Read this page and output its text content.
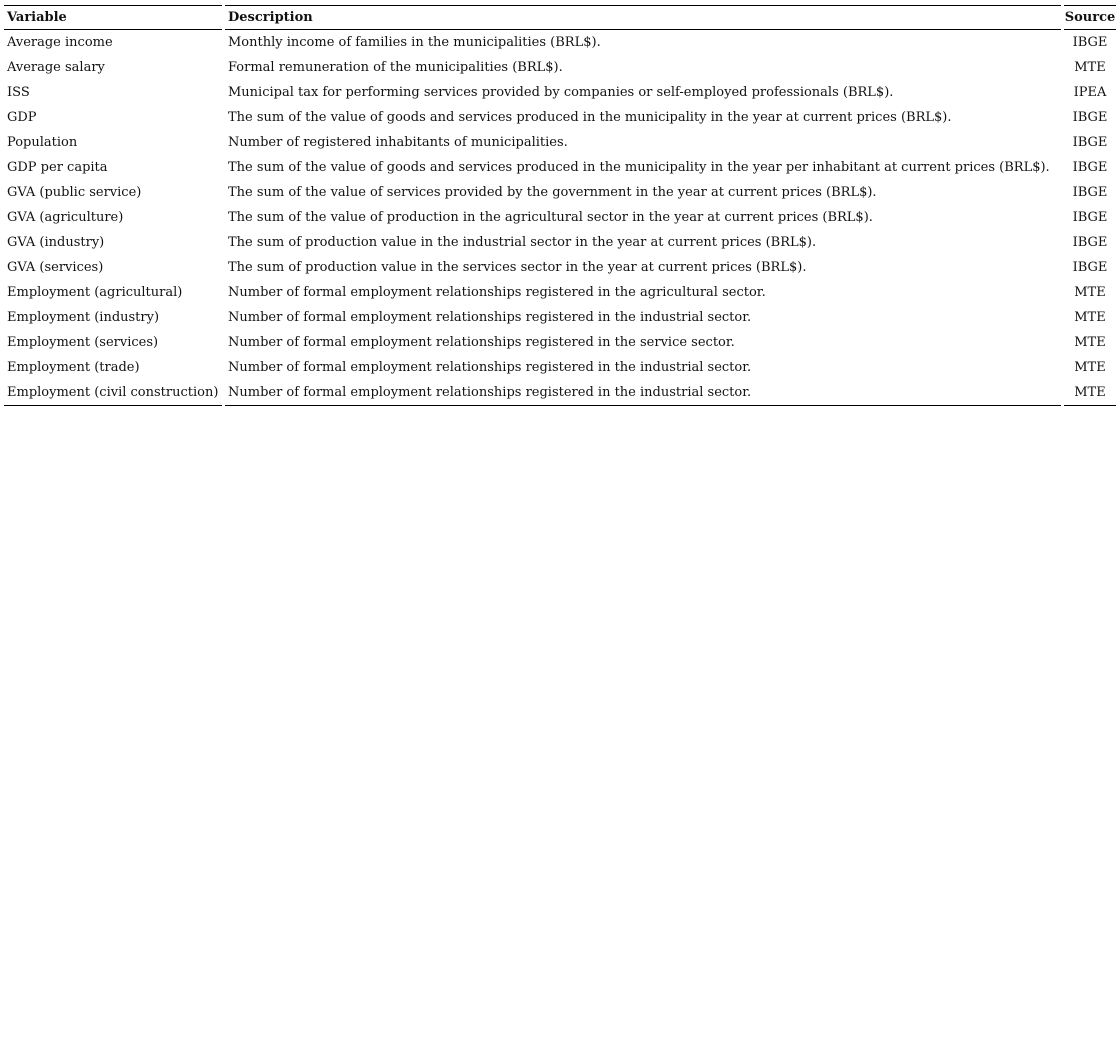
Variable		Description		Source
Average income		Monthly income of families in the municipalities (BRL$).		IBGE
Average salary		Formal remuneration of the municipalities (BRL$).		MTE
ISS		Municipal tax for performing services provided by companies or self-employed professionals (BRL$).		IPEA
GDP		The sum of the value of goods and services produced in the municipality in the year at current prices (BRL$).		IBGE
Population		Number of registered inhabitants of municipalities.		IBGE
GDP per capita		The sum of the value of goods and services produced in the municipality in the year per inhabitant at current prices (BRL$).		IBGE
GVA (public service)		The sum of the value of services provided by the government in the year at current prices (BRL$).		IBGE
GVA (agriculture)		The sum of the value of production in the agricultural sector in the year at current prices (BRL$).		IBGE
GVA (industry)		The sum of production value in the industrial sector in the year at current prices (BRL$).		IBGE
GVA (services)		The sum of production value in the services sector in the year at current prices (BRL$).		IBGE
Employment (agricultural)		Number of formal employment relationships registered in the agricultural sector.		MTE
Employment (industry)		Number of formal employment relationships registered in the industrial sector.		MTE
Employment (services)		Number of formal employment relationships registered in the service sector.		MTE
Employment (trade)		Number of formal employment relationships registered in the industrial sector.		MTE
Employment (civil construction)		Number of formal employment relationships registered in the industrial sector.		MTE
